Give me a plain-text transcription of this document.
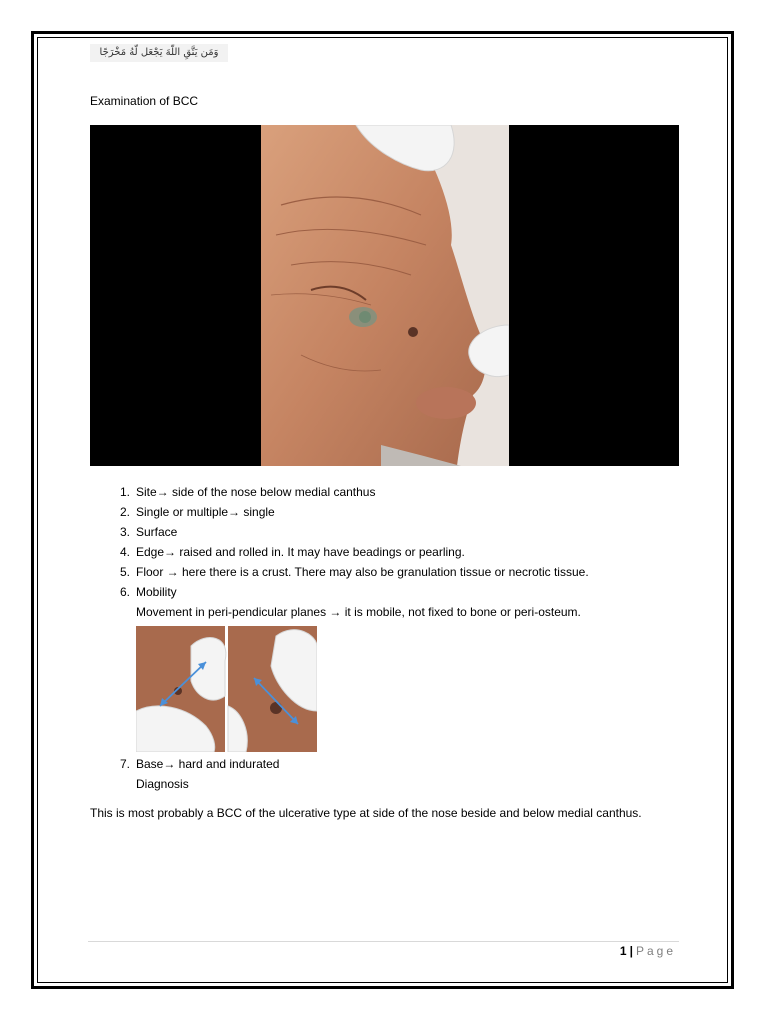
وَمَن يَتَّقِ اللَّهَ يَجْعَل لَّهُ مَخْرَجًا
Examination of BCC
1. Site→ side of the nose below medial canthus
2. Single or multiple→ single
3. Surface
4. Edge→ raised and rolled in. It may have beadings or pearling.
5. Floor → here there is a crust. There may also be granulation tissue or necrotic tissue.
6. Mobility
Movement in peri-pendicular planes → it is mobile, not fixed to bone or peri-osteum.
7. Base→ hard and indurated
Diagnosis
This is most probably a BCC of the ulcerative type at side of the nose beside and below medial canthus.
1 | Page
